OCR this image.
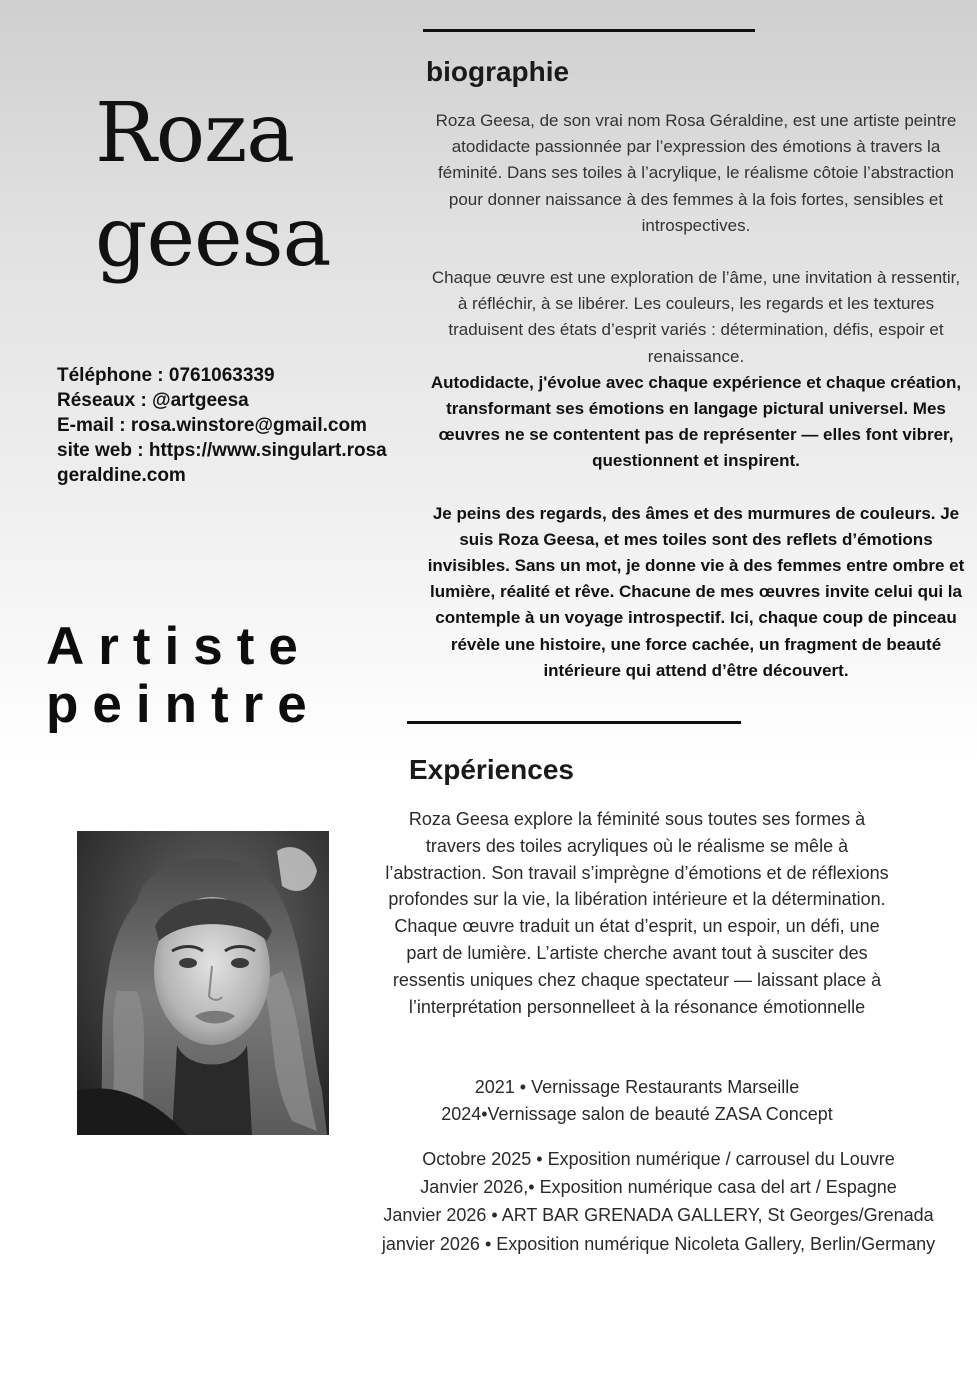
Roza
geesa
Téléphone : 0761063339
Réseaux : @artgeesa
E-mail : rosa.winstore@gmail.com
site web : https://www.singulart.rosa
geraldine.com
Artiste
peintre
biographie

Roza Geesa, de son vrai nom Rosa Géraldine, est une artiste peintre atodidacte passionnée par l’expression des émotions à travers la féminité. Dans ses toiles à l’acrylique, le réalisme côtoie l’abstraction pour donner naissance à des femmes à la fois fortes, sensibles et introspectives.

Chaque œuvre est une exploration de l’âme, une invitation à ressentir, à réfléchir, à se libérer. Les couleurs, les regards et les textures traduisent des états d’esprit variés : détermination, défis, espoir et renaissance.

Autodidacte, j'évolue avec chaque expérience et chaque création, transformant ses émotions en langage pictural universel. Mes œuvres ne se contentent pas de représenter — elles font vibrer, questionnent et inspirent.

Je peins des regards, des âmes et des murmures de couleurs. Je suis Roza Geesa, et mes toiles sont des reflets d’émotions invisibles. Sans un mot, je donne vie à des femmes entre ombre et lumière, réalité et rêve. Chacune de mes œuvres invite celui qui la contemple à un voyage introspectif. Ici, chaque coup de pinceau révèle une histoire, une force cachée, un fragment de beauté intérieure qui attend d’être découvert.

Expériences
Roza Geesa explore la féminité sous toutes ses formes à travers des toiles acryliques où le réalisme se mêle à l’abstraction. Son travail s’imprègne d’émotions et de réflexions profondes sur la vie, la libération intérieure et la détermination. Chaque œuvre traduit un état d’esprit, un espoir, un défi, une part de lumière. L’artiste cherche avant tout à susciter des ressentis uniques chez chaque spectateur — laissant place à l’interprétation personnelleet à la résonance émotionnelle
2021 • Vernissage Restaurants Marseille
2024•Vernissage salon de beauté ZASA Concept
Octobre 2025 • Exposition numérique / carrousel du Louvre
Janvier 2026,• Exposition numérique casa del art / Espagne
Janvier 2026 • ART BAR GRENADA GALLERY, St Georges/Grenada
janvier 2026 • Exposition numérique Nicoleta Gallery, Berlin/Germany
